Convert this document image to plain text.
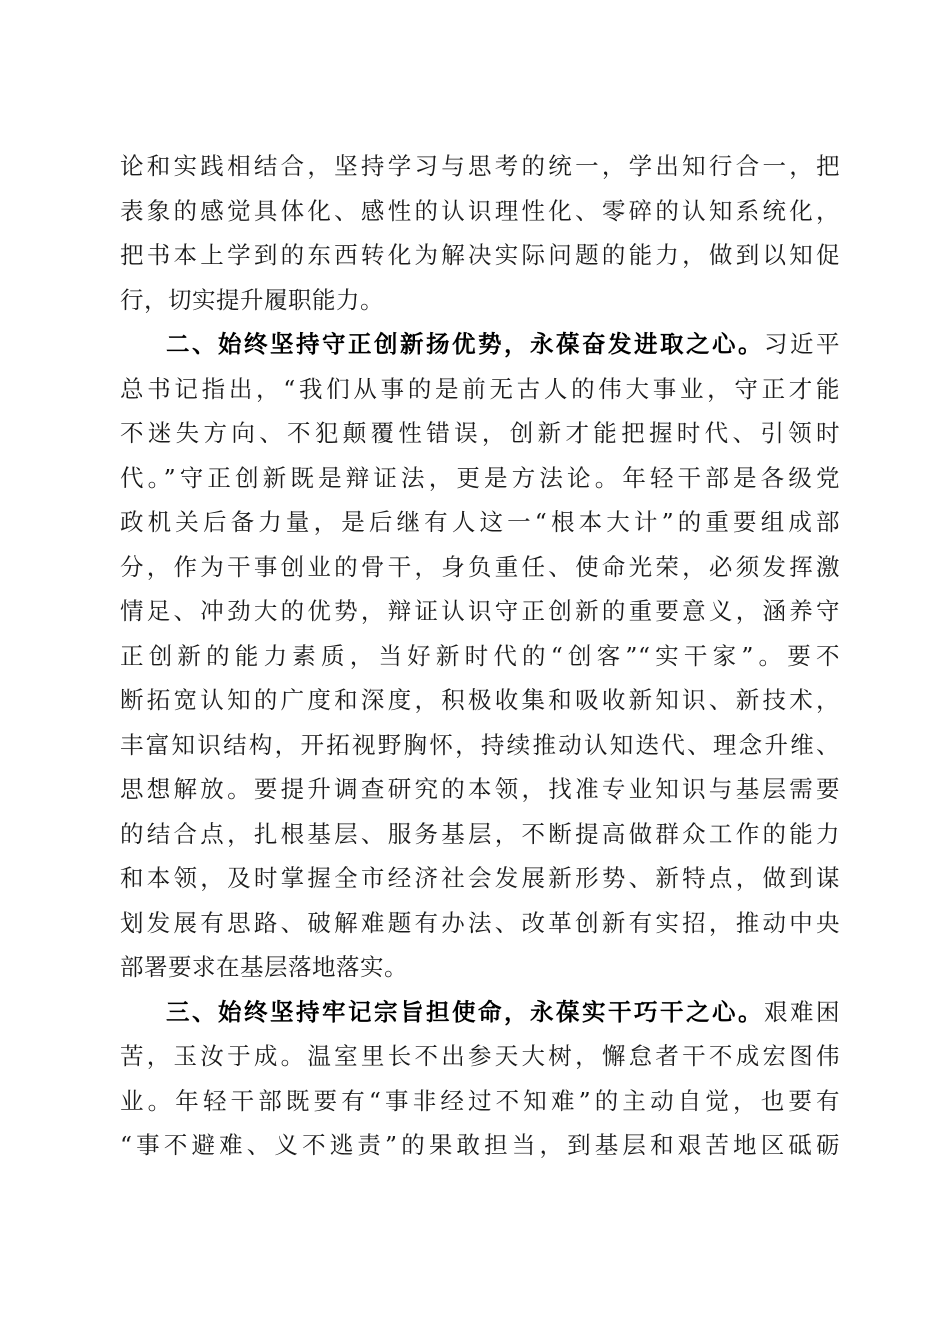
论和实践相结合，坚持学习与思考的统一，学出知行合一，把
表象的感觉具体化、感性的认识理性化、零碎的认知系统化，
把书本上学到的东西转化为解决实际问题的能力，做到以知促
行，切实提升履职能力。
二、始终坚持守正创新扬优势，永葆奋发进取之心。习近平
总书记指出，“我们从事的是前无古人的伟大事业，守正才能
不迷失方向、不犯颠覆性错误，创新才能把握时代、引领时
代。”守正创新既是辩证法，更是方法论。年轻干部是各级党
政机关后备力量，是后继有人这一“根本大计”的重要组成部
分，作为干事创业的骨干，身负重任、使命光荣，必须发挥激
情足、冲劲大的优势，辩证认识守正创新的重要意义，涵养守
正创新的能力素质，当好新时代的“创客”“实干家”。要不
断拓宽认知的广度和深度，积极收集和吸收新知识、新技术，
丰富知识结构，开拓视野胸怀，持续推动认知迭代、理念升维、
思想解放。要提升调查研究的本领，找准专业知识与基层需要
的结合点，扎根基层、服务基层，不断提高做群众工作的能力
和本领，及时掌握全市经济社会发展新形势、新特点，做到谋
划发展有思路、破解难题有办法、改革创新有实招，推动中央
部署要求在基层落地落实。
三、始终坚持牢记宗旨担使命，永葆实干巧干之心。艰难困
苦，玉汝于成。温室里长不出参天大树，懈怠者干不成宏图伟
业。年轻干部既要有“事非经过不知难”的主动自觉，也要有
“事不避难、义不逃责”的果敢担当，到基层和艰苦地区砥砺
